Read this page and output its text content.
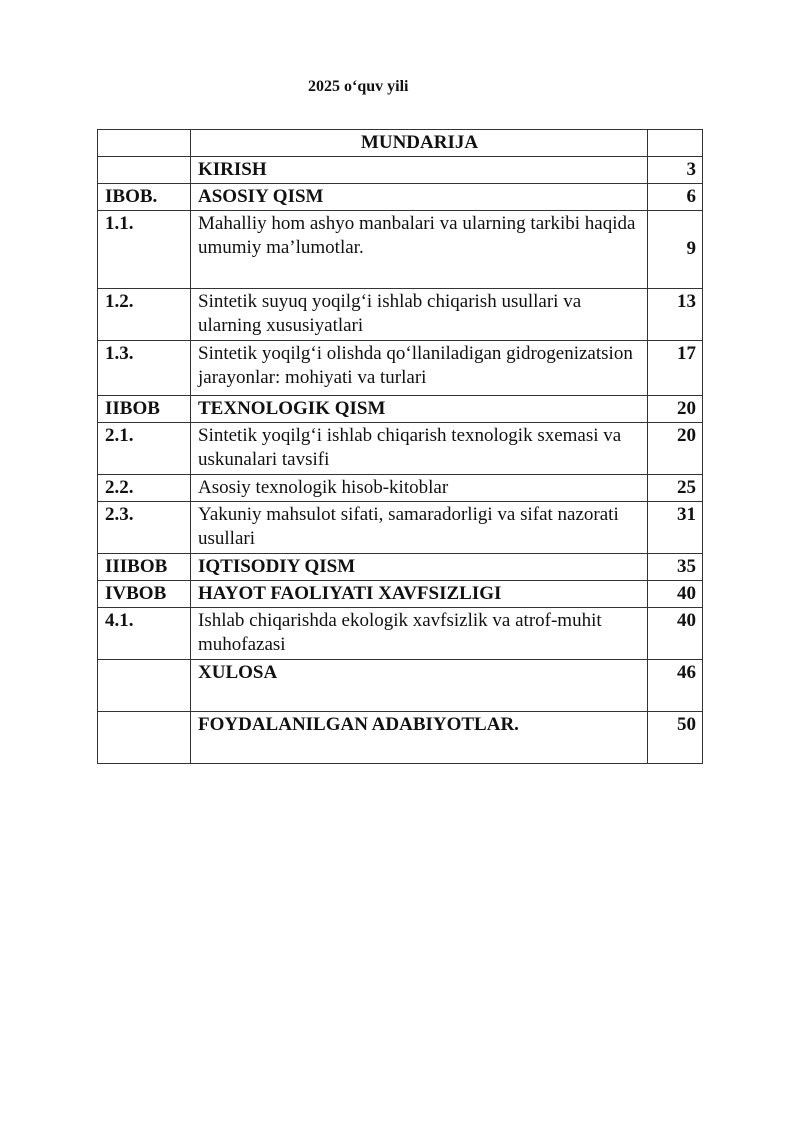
2025 o‘quv yili
	MUNDARIJA	
	KIRISH	3
IBOB.	ASOSIY QISM	6
1.1.	Mahalliy hom ashyo manbalari va ularning tarkibi haqida umumiy ma’lumotlar.	9
1.2.	Sintetik suyuq yoqilg‘i ishlab chiqarish usullari va ularning xususiyatlari	13
1.3.	Sintetik yoqilg‘i olishda qo‘llaniladigan gidrogenizatsion jarayonlar: mohiyati va turlari	17
IIBOB	TEXNOLOGIK QISM	20
2.1.	Sintetik yoqilg‘i ishlab chiqarish texnologik sxemasi va uskunalari tavsifi	20
2.2.	Asosiy texnologik hisob-kitoblar	25
2.3.	Yakuniy mahsulot sifati, samaradorligi va sifat nazorati usullari	31
IIIBOB	IQTISODIY QISM	35
IVBOB	HAYOT FAOLIYATI XAVFSIZLIGI	40
4.1.	Ishlab chiqarishda ekologik xavfsizlik va atrof-muhit muhofazasi	40
	XULOSA	46
	FOYDALANILGAN ADABIYOTLAR.	50
